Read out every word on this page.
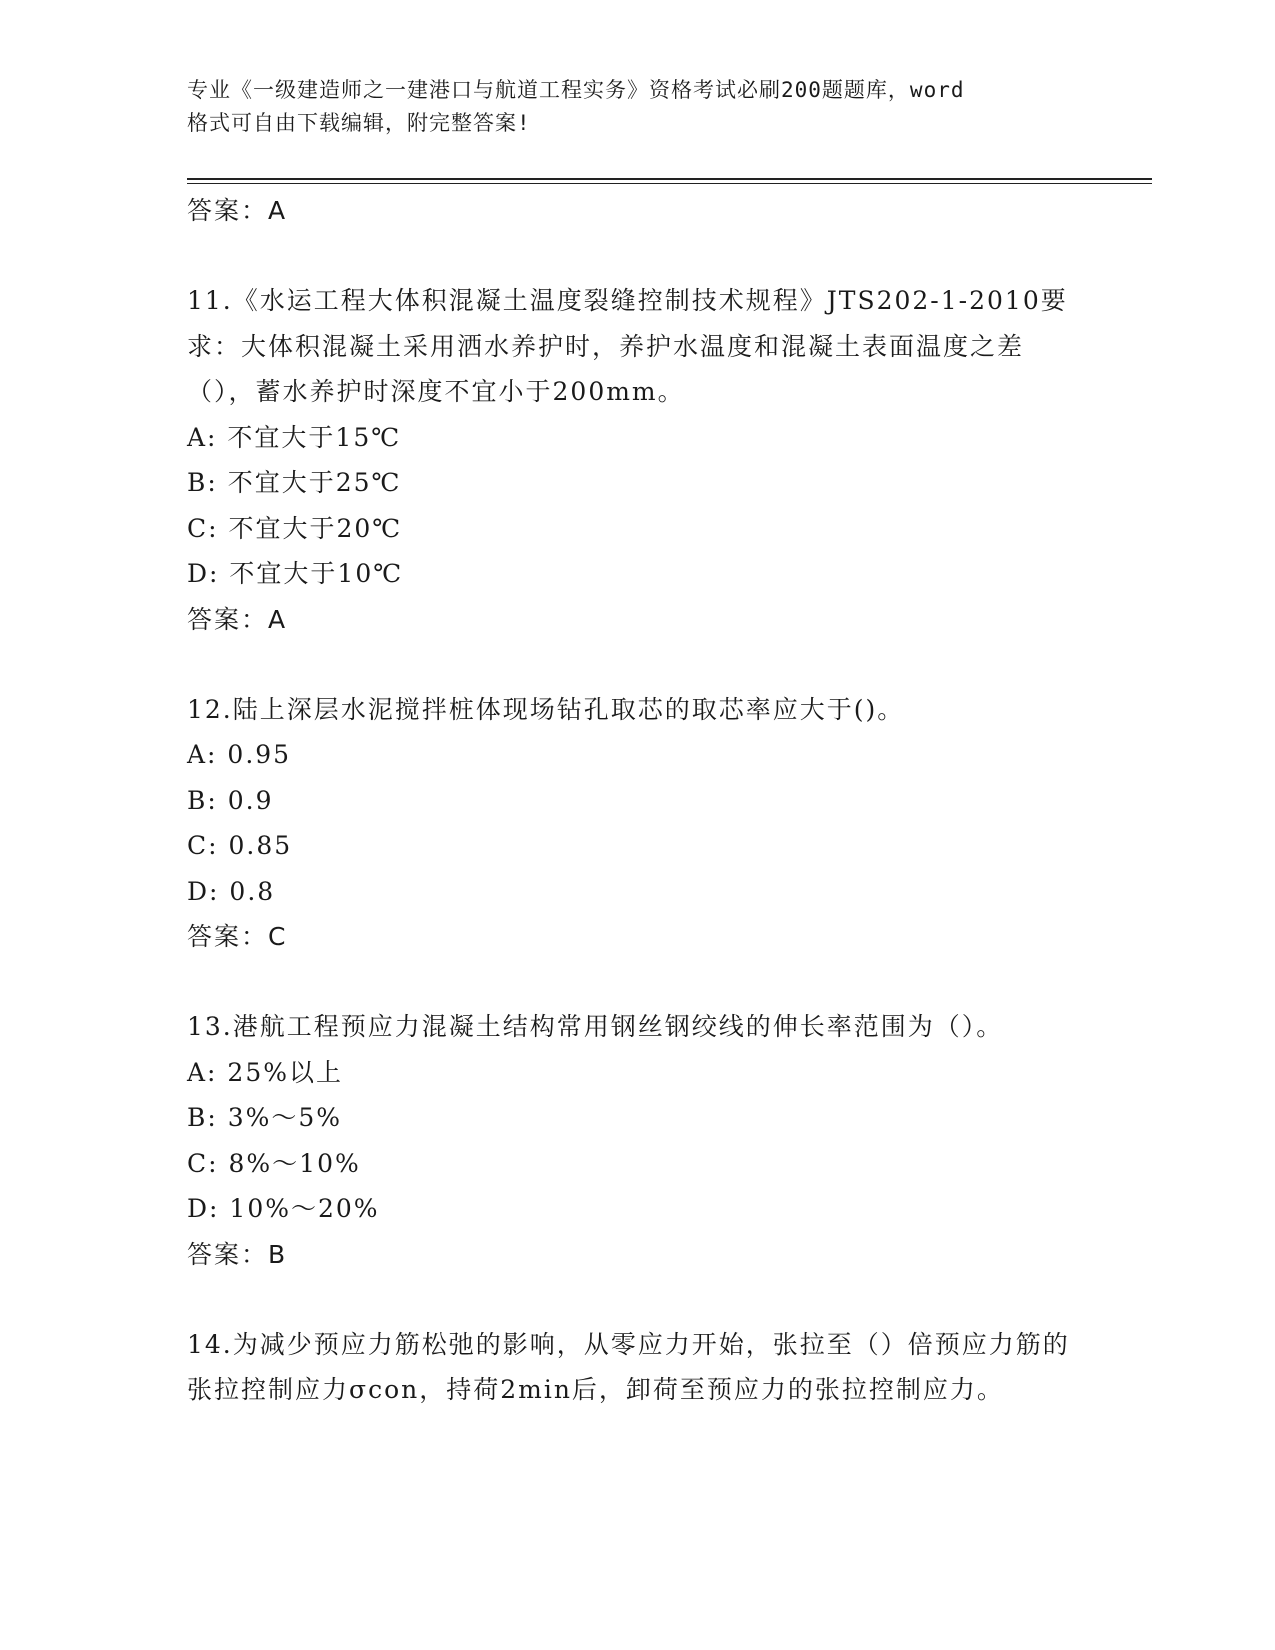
专业《一级建造师之一建港口与航道工程实务》资格考试必刷200题题库，word
格式可自由下载编辑，附完整答案!

答案：A

11.《水运工程大体积混凝土温度裂缝控制技术规程》JTS202-1-2010要求：大体积混凝土采用洒水养护时，养护水温度和混凝土表面温度之差（），蓄水养护时深度不宜小于200mm。

A: 不宜大于15℃

B: 不宜大于25℃

C: 不宜大于20℃

D: 不宜大于10℃

答案：A

12.陆上深层水泥搅拌桩体现场钻孔取芯的取芯率应大于()。

A: 0.95

B: 0.9

C: 0.85

D: 0.8

答案：C

13.港航工程预应力混凝土结构常用钢丝钢绞线的伸长率范围为（）。

A: 25%以上

B: 3%～5%

C: 8%～10%

D: 10%～20%

答案：B

14.为减少预应力筋松弛的影响，从零应力开始，张拉至（）倍预应力筋的张拉控制应力σcon，持荷2min后，卸荷至预应力的张拉控制应力。
